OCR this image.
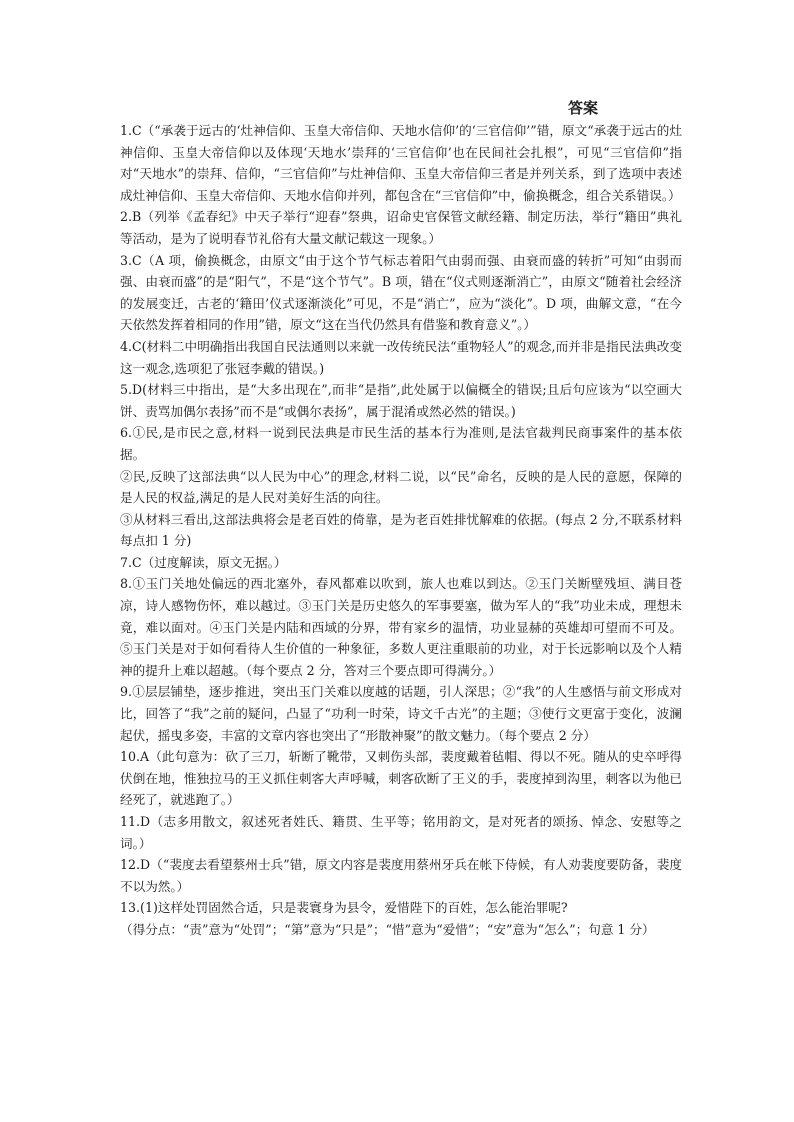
答案

1.C（“承袭于远古的‘灶神信仰、玉皇大帝信仰、天地水信仰’的‘三官信仰’”错，原文“承袭于远古的灶神信仰、玉皇大帝信仰以及体现‘天地水’崇拜的‘三官信仰’也在民间社会扎根”，可见“三官信仰”指对“天地水”的崇拜、信仰，“三官信仰”与灶神信仰、玉皇大帝信仰三者是并列关系，到了选项中表述成灶神信仰、玉皇大帝信仰、天地水信仰并列，都包含在“三官信仰”中，偷换概念，组合关系错误。）

2.B（列举《孟春纪》中天子举行“迎春”祭典，诏命史官保管文献经籍、制定历法，举行“籍田”典礼等活动，是为了说明春节礼俗有大量文献记载这一现象。）

3.C（A 项，偷换概念，由原文“由于这个节气标志着阳气由弱而强、由衰而盛的转折”可知“由弱而强、由衰而盛”的是“阳气”，不是“这个节气”。B 项，错在“仪式则逐渐消亡”，由原文“随着社会经济的发展变迁，古老的‘籍田’仪式逐渐淡化”可见，不是“消亡”，应为“淡化”。D 项，曲解文意，“在今天依然发挥着相同的作用”错，原文“这在当代仍然具有借鉴和教育意义”。）

4.C(材料二中明确指出我国自民法通则以来就一改传统民法“重物轻人”的观念,而并非是指民法典改变这一观念,选项犯了张冠李戴的错误。)

5.D(材料三中指出，是“大多出现在”,而非“是指”,此处属于以偏概全的错误;且后句应该为“以空画大饼、责骂加偶尔表扬”而不是“或偶尔表扬”，属于混淆或然必然的错误。)

6.①民,是市民之意,材料一说到民法典是市民生活的基本行为准则,是法官裁判民商事案件的基本依据。

②民,反映了这部法典“以人民为中心”的理念,材料二说，以“民”命名，反映的是人民的意愿，保障的是人民的权益,满足的是人民对美好生活的向往。

③从材料三看出,这部法典将会是老百姓的倚靠，是为老百姓排忧解难的依据。(每点 2 分,不联系材料每点扣 1 分)

7.C（过度解读，原文无据。）

8.①玉门关地处偏远的西北塞外，春风都难以吹到，旅人也难以到达。②玉门关断壁残垣、满目苍凉，诗人感物伤怀，难以越过。③玉门关是历史悠久的军事要塞，做为军人的“我”功业未成，理想未竟，难以面对。④玉门关是内陆和西域的分界，带有家乡的温情，功业显赫的英雄却可望而不可及。⑤玉门关是对于如何看待人生价值的一种象征，多数人更注重眼前的功业，对于长远影响以及个人精神的提升上难以超越。（每个要点 2 分，答对三个要点即可得满分。）

9.①层层铺垫，逐步推进，突出玉门关难以度越的话题，引人深思；②“我”的人生感悟与前文形成对比，回答了“我”之前的疑问，凸显了“功利一时荣，诗文千古光”的主题；③使行文更富于变化，波澜起伏，摇曳多姿，丰富的文章内容也突出了“形散神聚”的散文魅力。（每个要点 2 分）

10.A（此句意为：砍了三刀，斩断了靴带，又刺伤头部，裴度戴着毡帽、得以不死。随从的史卒呼得伏倒在地，惟独拉马的王义抓住刺客大声呼喊，刺客砍断了王义的手，裴度掉到沟里，刺客以为他已经死了，就逃跑了。）

11.D（志多用散文，叙述死者姓氏、籍贯、生平等；铭用韵文，是对死者的颂扬、悼念、安慰等之词。）

12.D（“裴度去看望蔡州士兵”错，原文内容是裴度用蔡州牙兵在帐下侍候，有人劝裴度要防备，裴度不以为然。）

13.(1)这样处罚固然合适，只是裴寰身为县令，爱惜陛下的百姓，怎么能治罪呢?

（得分点：“责”意为“处罚”；“第”意为“只是”；“惜”意为“爱惜”；“安”意为“怎么”；句意 1 分）
